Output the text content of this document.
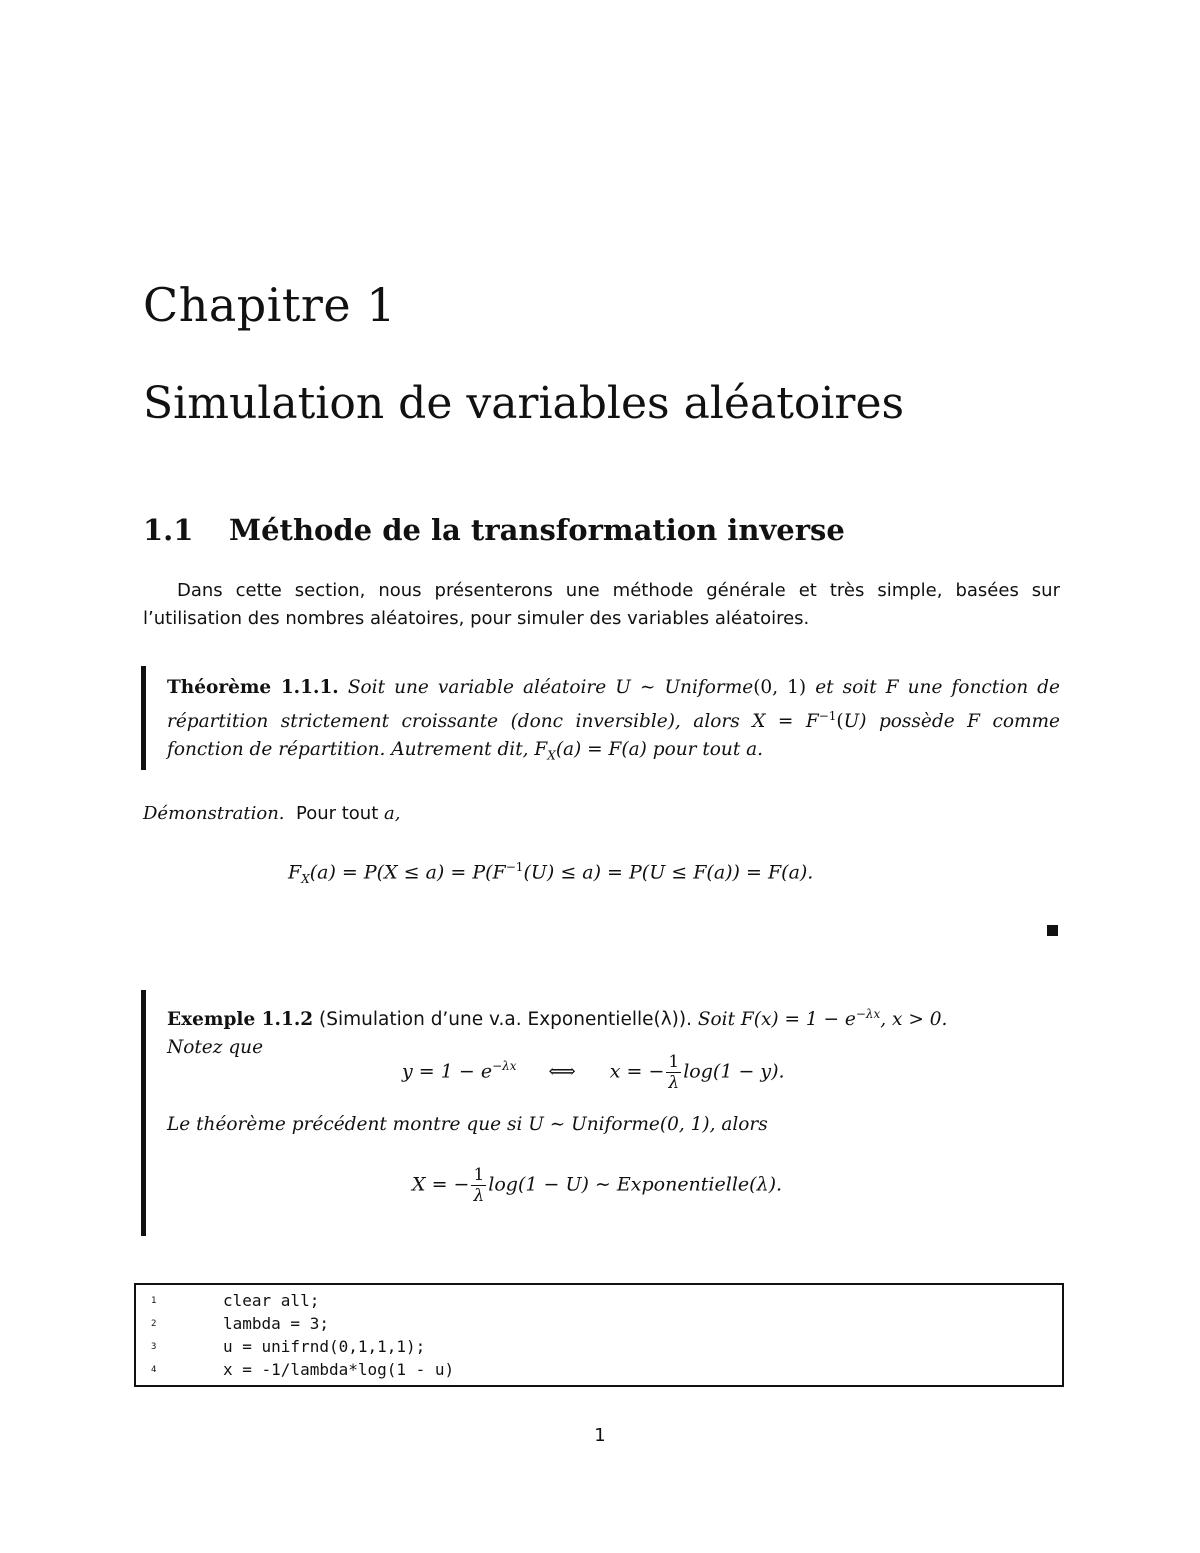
Chapitre 1
Simulation de variables aléatoires
1.1 Méthode de la transformation inverse

Dans cette section, nous présenterons une méthode générale et très simple, basées sur l’utilisation des nombres aléatoires, pour simuler des variables aléatoires.

Théorème 1.1.1. Soit une variable aléatoire U ∼ Uniforme(0, 1) et soit F une fonction de répartition strictement croissante (donc inversible), alors $X = F^{-1}(U)$ possède F comme fonction de répartition. Autrement dit, $F_X(a) = F(a)$ pour tout a.

Démonstration. Pour tout a,

$F_X(a) = P(X \le a) = P(F^{-1}(U) \le a) = P(U \le F(a)) = F(a)$.
Exemple 1.1.2 (Simulation d’une v.a. Exponentielle(λ)). Soit $F(x) = 1 - e^{-\lambda x}$, x > 0.
Notez que
$y = 1 - e^{-\lambda x}$ ⟺ x = − $\frac{1}{\lambda} \log(1 - y)$.
Le théorème précédent montre que si U ∼ Uniforme(0, 1), alors
X = − $\frac{1}{\lambda} \log(1 - U)$ ∼ Exponentielle(λ).
1	clear all;
2	lambda = 3;
3	u = unifrnd(0,1,1,1);
4	x = -1/lambda*log(1 - u)
1
